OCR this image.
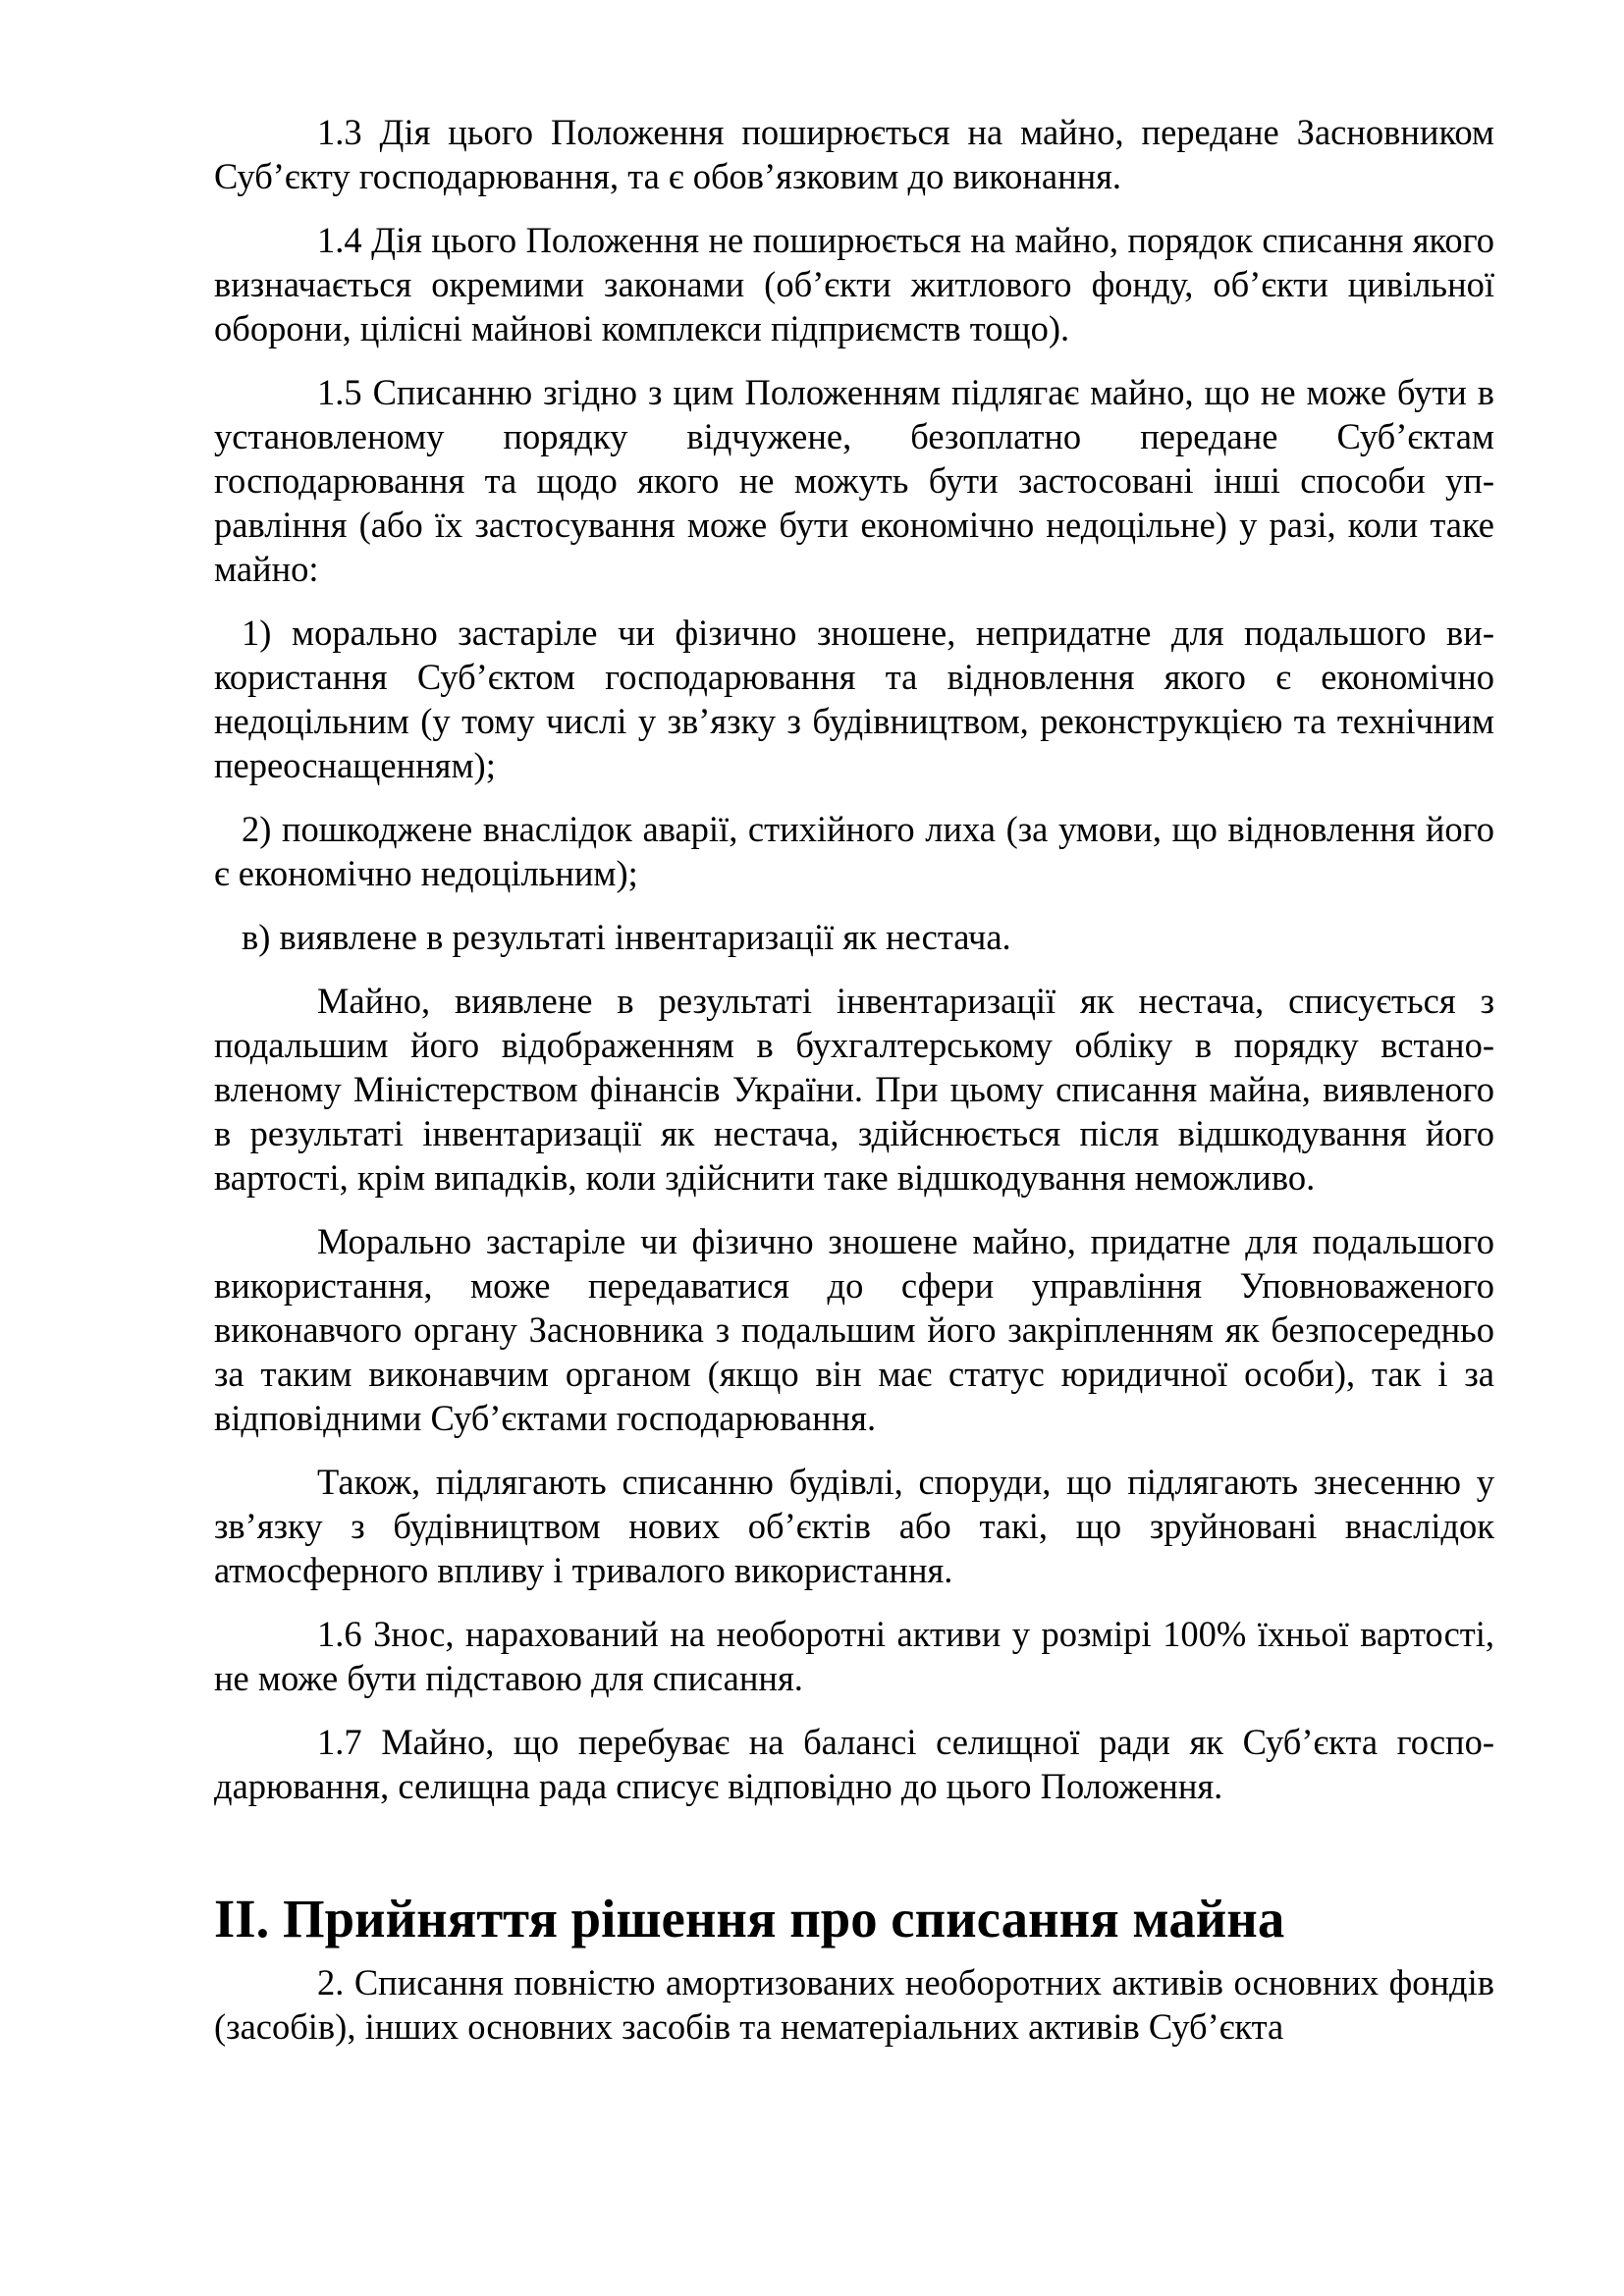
1.3 Дія цього Положення поширюється на майно, передане Засновником Суб’єкту господарювання, та є обов’язковим до виконання.

1.4 Дія цього Положення не поширюється на майно, порядок списання якого визначається окремими законами (об’єкти житлового фонду, об’єкти цивільної оборони, цілісні майнові комплекси підприємств тощо).

1.5 Списанню згідно з цим Положенням підлягає майно, що не може бути в установленому порядку відчужене, безоплатно передане Суб’єктам господарювання та щодо якого не можуть бути застосовані інші способи управління (або їх застосування може бути економічно недоцільне) у разі, коли таке майно:

1) морально застаріле чи фізично зношене, непридатне для подальшого використання Суб’єктом господарювання та відновлення якого є економічно недоцільним (у тому числі у зв’язку з будівництвом, реконструкцією та технічним переоснащенням);

2) пошкоджене внаслідок аварії, стихійного лиха (за умови, що відновлення його є економічно недоцільним);

в) виявлене в результаті інвентаризації як нестача.

Майно, виявлене в результаті інвентаризації як нестача, списується з подальшим його відображенням в бухгалтерському обліку в порядку встановленому Міністерством фінансів України. При цьому списання майна, виявленого в результаті інвентаризації як нестача, здійснюється після відшкодування його вартості, крім випадків, коли здійснити таке відшкодування неможливо.

Морально застаріле чи фізично зношене майно, придатне для подальшого використання, може передаватися до сфери управління Уповноваженого виконавчого органу Засновника з подальшим його закріпленням як безпосередньо за таким виконавчим органом (якщо він має статус юридичної особи), так і за відповідними Суб’єктами господарювання.

Також, підлягають списанню будівлі, споруди, що підлягають знесенню у зв’язку з будівництвом нових об’єктів або такі, що зруйновані внаслідок атмосферного впливу і тривалого використання.

1.6 Знос, нарахований на необоротні активи у розмірі 100% їхньої вартості, не може бути підставою для списання.

1.7 Майно, що перебуває на балансі селищної ради як Суб’єкта господарювання, селищна рада списує відповідно до цього Положення.

ІІ. Прийняття рішення про списання майна

2. Списання повністю амортизованих необоротних активів основних фондів (засобів), інших основних засобів та нематеріальних активів Суб’єкта
